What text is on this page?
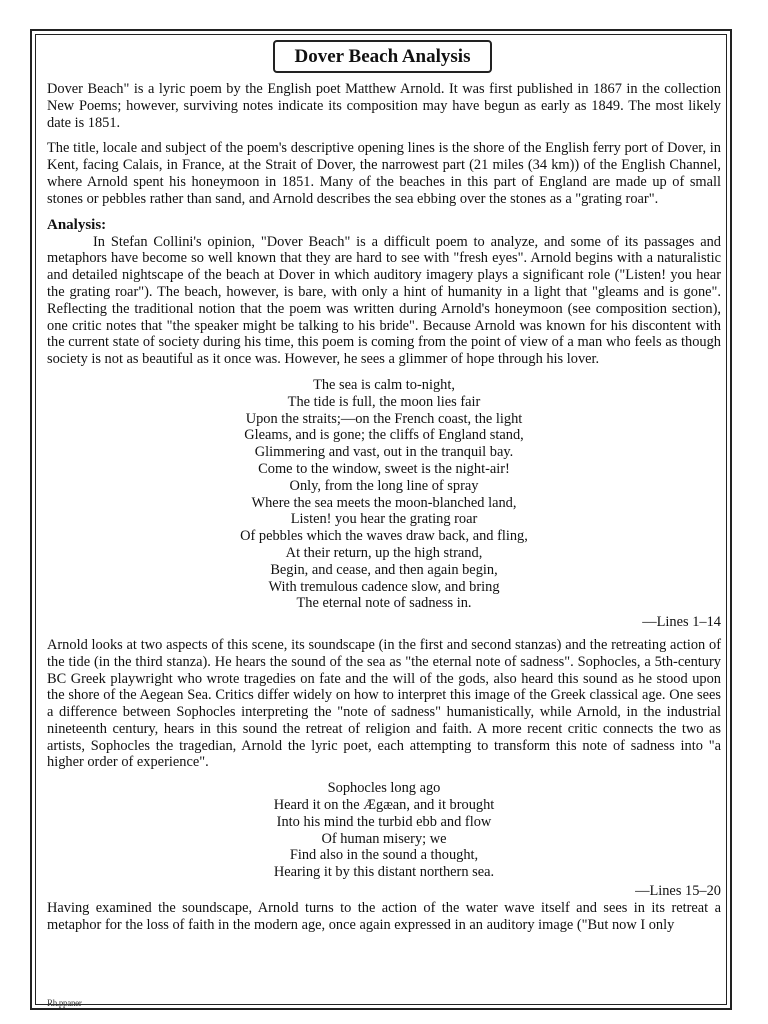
Dover Beach Analysis

Dover Beach" is a lyric poem by the English poet Matthew Arnold. It was first published in 1867 in the collection New Poems; however, surviving notes indicate its composition may have begun as early as 1849. The most likely date is 1851.

The title, locale and subject of the poem's descriptive opening lines is the shore of the English ferry port of Dover, in Kent, facing Calais, in France, at the Strait of Dover, the narrowest part (21 miles (34 km)) of the English Channel, where Arnold spent his honeymoon in 1851. Many of the beaches in this part of England are made up of small stones or pebbles rather than sand, and Arnold describes the sea ebbing over the stones as a "grating roar".

Analysis:

In Stefan Collini's opinion, "Dover Beach" is a difficult poem to analyze, and some of its passages and metaphors have become so well known that they are hard to see with "fresh eyes". Arnold begins with a naturalistic and detailed nightscape of the beach at Dover in which auditory imagery plays a significant role ("Listen! you hear the grating roar"). The beach, however, is bare, with only a hint of humanity in a light that "gleams and is gone". Reflecting the traditional notion that the poem was written during Arnold's honeymoon (see composition section), one critic notes that "the speaker might be talking to his bride". Because Arnold was known for his discontent with the current state of society during his time, this poem is coming from the point of view of a man who feels as though society is not as beautiful as it once was. However, he sees a glimmer of hope through his lover.

The sea is calm to-night,
The tide is full, the moon lies fair
Upon the straits;—on the French coast, the light
Gleams, and is gone; the cliffs of England stand,
Glimmering and vast, out in the tranquil bay.
Come to the window, sweet is the night-air!
Only, from the long line of spray
Where the sea meets the moon-blanched land,
Listen! you hear the grating roar
Of pebbles which the waves draw back, and fling,
At their return, up the high strand,
Begin, and cease, and then again begin,
With tremulous cadence slow, and bring
The eternal note of sadness in.

—Lines 1–14

Arnold looks at two aspects of this scene, its soundscape (in the first and second stanzas) and the retreating action of the tide (in the third stanza). He hears the sound of the sea as "the eternal note of sadness". Sophocles, a 5th-century BC Greek playwright who wrote tragedies on fate and the will of the gods, also heard this sound as he stood upon the shore of the Aegean Sea. Critics differ widely on how to interpret this image of the Greek classical age. One sees a difference between Sophocles interpreting the "note of sadness" humanistically, while Arnold, in the industrial nineteenth century, hears in this sound the retreat of religion and faith. A more recent critic connects the two as artists, Sophocles the tragedian, Arnold the lyric poet, each attempting to transform this note of sadness into "a higher order of experience".

Sophocles long ago
Heard it on the Ægæan, and it brought
Into his mind the turbid ebb and flow
Of human misery; we
Find also in the sound a thought,
Hearing it by this distant northern sea.

—Lines 15–20

Having examined the soundscape, Arnold turns to the action of the water wave itself and sees in its retreat a metaphor for the loss of faith in the modern age, once again expressed in an auditory image ("But now I only

Rh.ppaner
